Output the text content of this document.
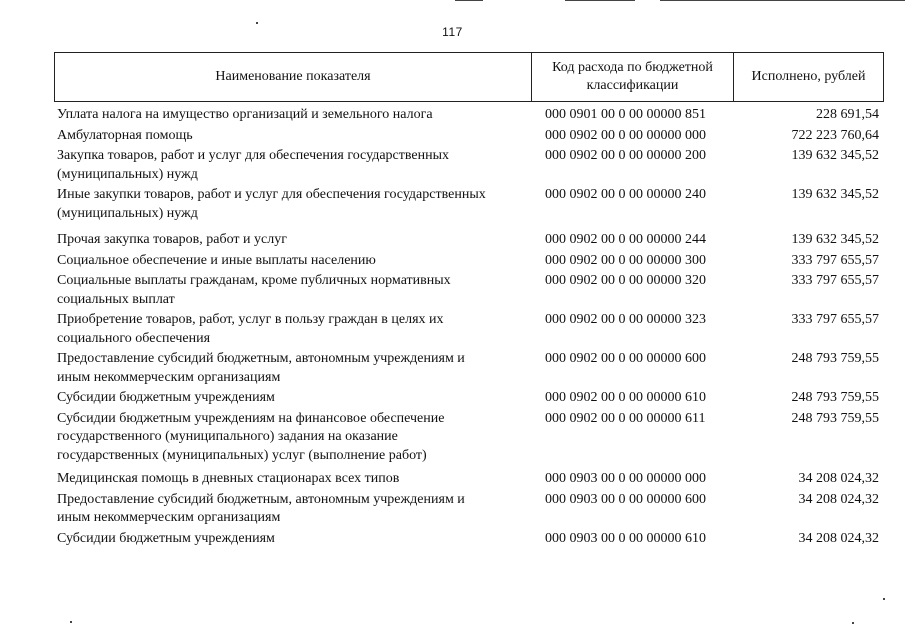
117
Наименование показателя
Код расхода по бюджетной классификации
Исполнено, рублей
Уплата налога на имущество организаций и земельного налога	000 0901 00 0 00 00000 851	228 691,54
Амбулаторная помощь	000 0902 00 0 00 00000 000	722 223 760,64
Закупка товаров, работ и услуг для обеспечения государственных
(муниципальных) нужд
000 0902 00 0 00 00000 200	139 632 345,52
Иные закупки товаров, работ и услуг для обеспечения государственных
(муниципальных) нужд
000 0902 00 0 00 00000 240	139 632 345,52
Прочая закупка товаров, работ и услуг	000 0902 00 0 00 00000 244	139 632 345,52
Социальное обеспечение и иные выплаты населению	000 0902 00 0 00 00000 300	333 797 655,57
Социальные выплаты гражданам, кроме публичных нормативных
социальных выплат
000 0902 00 0 00 00000 320	333 797 655,57
Приобретение товаров, работ, услуг в пользу граждан в целях их
социального обеспечения
000 0902 00 0 00 00000 323	333 797 655,57
Предоставление субсидий бюджетным, автономным учреждениям и
иным некоммерческим организациям
000 0902 00 0 00 00000 600	248 793 759,55
Субсидии бюджетным учреждениям	000 0902 00 0 00 00000 610	248 793 759,55
Субсидии бюджетным учреждениям на финансовое обеспечение
государственного (муниципального) задания на оказание
государственных (муниципальных) услуг (выполнение работ)
000 0902 00 0 00 00000 611	248 793 759,55
Медицинская помощь в дневных стационарах всех типов	000 0903 00 0 00 00000 000	34 208 024,32
Предоставление субсидий бюджетным, автономным учреждениям и
иным некоммерческим организациям
000 0903 00 0 00 00000 600	34 208 024,32
Субсидии бюджетным учреждениям	000 0903 00 0 00 00000 610	34 208 024,32
